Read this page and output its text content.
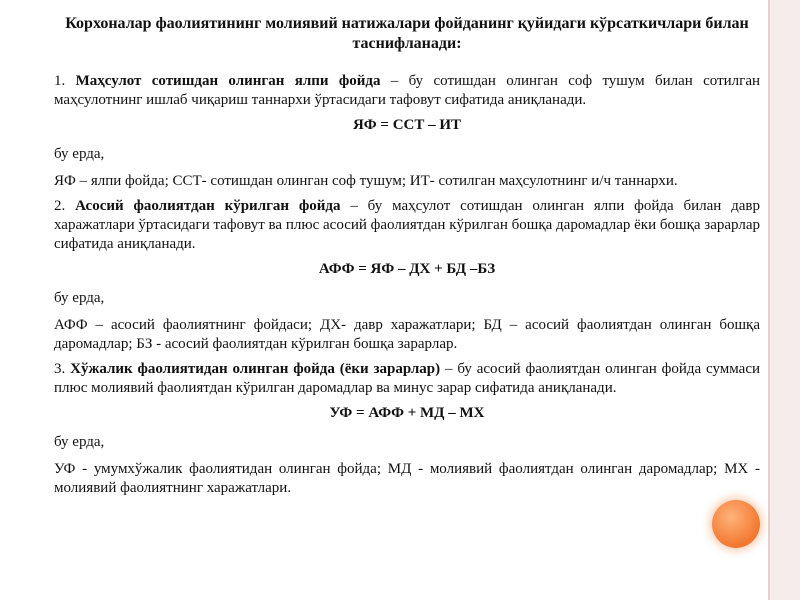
Корхоналар фаолиятининг молиявий натижалари фойданинг қуйидаги кўрсаткичлари билан таснифланади:
1. Маҳсулот сотишдан олинган ялпи фойда – бу сотишдан олинган соф тушум билан сотилган маҳсулотнинг ишлаб чиқариш таннархи ўртасидаги тафовут сифатида аниқланади.
ЯФ = ССТ – ИТ
бу ерда,
ЯФ – ялпи фойда; ССТ- сотишдан олинган соф тушум; ИТ- сотилган маҳсулотнинг и/ч таннархи.
2. Асосий фаолиятдан кўрилган фойда – бу маҳсулот сотишдан олинган ялпи фойда билан давр харажатлари ўртасидаги тафовут ва плюс асосий фаолиятдан кўрилган бошқа даромадлар ёки бошқа зарарлар сифатида аниқланади.
АФФ = ЯФ – ДХ + БД –БЗ
бу ерда,
АФФ – асосий фаолиятнинг фойдаси; ДХ- давр харажатлари; БД – асосий фаолиятдан олинган бошқа даромадлар; БЗ - асосий фаолиятдан кўрилган бошқа зарарлар.
3. Хўжалик фаолиятидан олинган фойда (ёки зарарлар) – бу асосий фаолиятдан олинган фойда суммаси плюс молиявий фаолиятдан кўрилган даромадлар ва минус зарар сифатида аниқланади.
УФ = АФФ + МД – МХ
бу ерда,
УФ - умумхўжалик фаолиятидан олинган фойда; МД - молиявий фаолиятдан олинган даромадлар; МХ - молиявий фаолиятнинг харажатлари.
